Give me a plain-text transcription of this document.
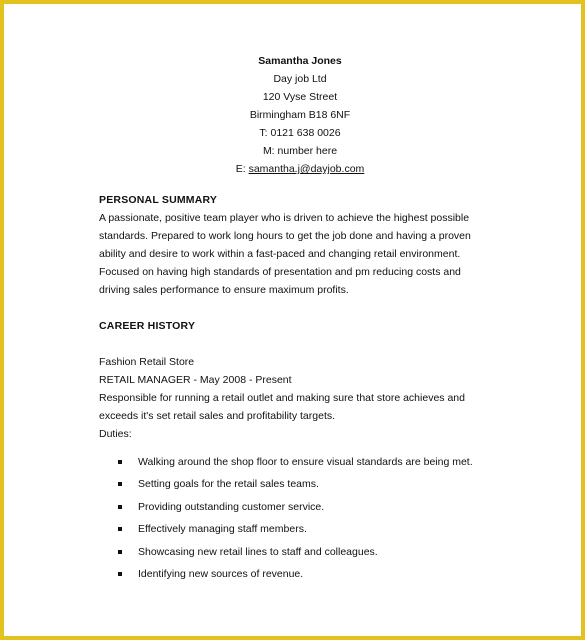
Samantha Jones
Day job Ltd
120 Vyse Street
Birmingham B18 6NF
T: 0121 638 0026
M: number here
E: samantha.j@dayjob.com
PERSONAL SUMMARY

A passionate, positive team player who is driven to achieve the highest possible
standards. Prepared to work long hours to get the job done and having a proven
ability and desire to work within a fast-paced and changing retail environment.
Focused on having high standards of presentation and pm reducing costs and
driving sales performance to ensure maximum profits.

CAREER HISTORY
Fashion Retail Store
RETAIL MANAGER - May 2008 - Present
Responsible for running a retail outlet and making sure that store achieves and
exceeds it's set retail sales and profitability targets.
Duties:
Walking around the shop floor to ensure visual standards are being met.
Setting goals for the retail sales teams.
Providing outstanding customer service.
Effectively managing staff members.
Showcasing new retail lines to staff and colleagues.
Identifying new sources of revenue.
